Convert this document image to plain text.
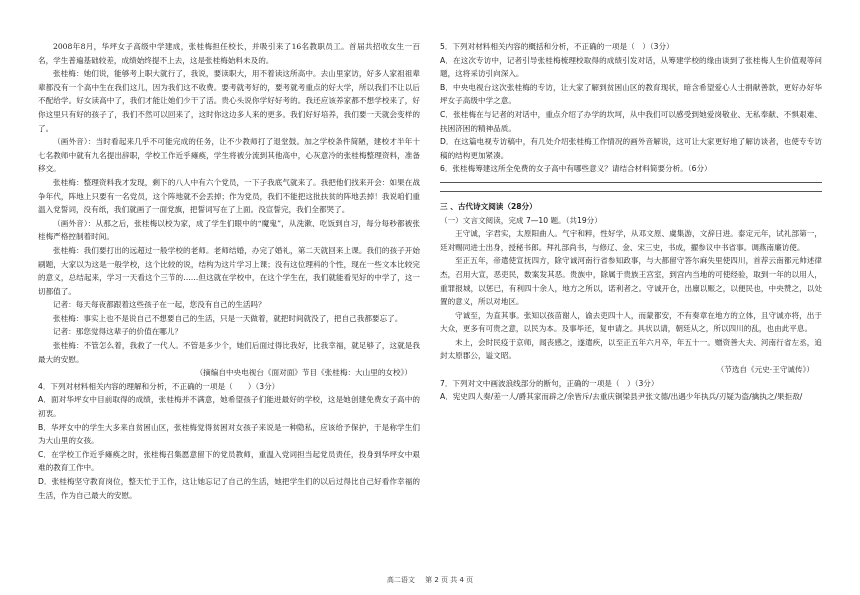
2008年8月，华坪女子高级中学建成，张桂梅担任校长，并吸引来了16名教职员工。首届共招收女生一百名，学生普遍基础较差，成绩始终提不上去，这是张桂梅始料未及的。

张桂梅：她们说，能够考上职大就行了，我说，要读职大，用不着读这所高中。去山里家访，好多人家祖祖辈辈都没有一个高中生在我们这儿，因为我们这不收费。要考就考好的，要考就考重点的好大学，所以我们不让以后不配给学。好女读高中了，我们才能让她们少干了活。贵心头说你学好好考的。我还应该养家都不想学校来了，好你这里只有好的孩子了，我们不然可以回来了，这时你这边多人来的更多。我们好好培养，我们要一天就会变样的了。

（画外音）：当时看起来几乎不可能完成的任务，让不少教师打了退堂鼓。加之学校条件简陋，建校才半年十七名教师中就有九名提出辞职，学校工作近乎瘫痪，学生将被分流到其他高中，心灰意冷的张桂梅整理资料，准备移交。

张桂梅：整理资料我才发现，剩下的八人中有六个党员，一下子我底气就来了。我把他们找来开会：如果在战争年代，阵地上只要有一名党员，这个阵地就不会丢掉；作为党员，我们不能把这批扶贫的阵地丢掉！我说咱们重温入党誓词，没有纸，我们就画了一面党旗，把誓词写在了上面。没宣誓完，我们全都哭了。

（画外音）：从那之后，张桂梅以校为家，成了学生们眼中的“魔鬼”，从洗漱、吃饭到自习，每分每秒都被张桂梅严格控制着时间。

张桂梅：我们要打出的远超过一般学校的老师。老师结婚，办完了婚礼，第二天就回来上课。我们的孩子开始刷题，大家以为这是一般学校，这个比较的说，结构为这片学习上课；没有这位理科的个性，现在一些文本比较完的意义，总结起来，学习一天看这个三节的……但这就在学校中，在这个学生在，我们就能看见好的中学了，这一切都值了。

记者：每天每夜都跟着这些孩子在一起，您没有自己的生活吗？

张桂梅：事实上也不是说自己不想要自己的生活，只是一天做着，就把时间就没了，把自己我都要忘了。

记者：那您觉得这辈子的价值在哪儿？

张桂梅：不管怎么着，我救了一代人。不管是多少个，她们后面过得比我好，比我幸福，就足够了，这就是我最大的安慰。

（摘编自中央电视台《面对面》节目《张桂梅：大山里的女校》）

4．下列对材料相关内容的理解和分析，不正确的一项是（　　）（3分）

A．面对华坪女中目前取得的成绩，张桂梅并不满意，她希望孩子们能进最好的学校，这是她创建免费女子高中的初衷。

B．华坪女中的学生大多来自贫困山区，张桂梅觉得贫困对女孩子来说是一种隐私，应该给予保护，于是称学生们为大山里的女孩。

C．在学校工作近乎瘫痪之时，张桂梅召集愿意留下的党员教师，重温入党词担当起党员责任，投身到华坪女中艰难的教育工作中。

D．张桂梅坚守教育岗位，整天忙于工作，这让她忘记了自己的生活，她把学生们的以后过得比自己好看作幸福的生活，作为自己最大的安慰。

5．下列对材料相关内容的概括和分析，不正确的一项是（　）（3分）

A．在这次专访中，记者引导张桂梅梳理校取得的成绩引发对话，从筹建学校的缘由谈到了张桂梅人生价值观等问题，这将采访引向深入。

B．中央电视台这次张桂梅的专访，让大家了解到贫困山区的教育现状，暗含希望爱心人士捐献善款，更好办好华坪女子高级中学之意。

C．张桂梅在与记者的对话中，重点介绍了办学的坎坷，从中我们可以感受到她爱岗敬业、无私奉献、不惧艰难、扶困济困的精神品质。

D．在这篇电视专访稿中，有几处介绍张桂梅工作情况的画外音解说，这可让大家更好地了解访谈者，也使专专访稿的结构更加紧凑。

6．张桂梅筹建这所全免费的女子高中有哪些意义？请结合材料简要分析。（6分）

三 、古代诗文阅读（28分）

（一）文言文阅读，完成 7—10 题。（共19分）

王守诚，字君实，太原阳曲人。气宇和粹，性好学，从邓文原、虞集游，文辞日进。泰定元年，试礼部第一，廷对赐同进士出身，授秘书郎。拜礼部尚书，与修辽、金、宋三史，书成，擢参议中书省事。调燕南廉访使。

至正五年，帝遣使宣抚四方，除守诚河南行省参知政事，与大都留守答尔麻失里使四川，首荐云南都元帅述律杰，召用大宣，恶吏民，数案发其恶。贵族中，除属于贵族王宫室，到宫内当地的可使经验，取到一年的以用人，重罪报城，以惩已，有利四十余人，地方之所以，诺利者之。守诚开仓，出廪以赈之，以便民也，中央赞之，以处置的意义，所以对地区。

守诚至，为直其事。张知以孩苗谢人，谕去吏四十人，而蒙都安，不有奏章在地方的立体，且守诚亦将，出于大众，更多有可贵之意，以民为本。及事毕还，复申请之。具状以请，朝廷从之，所以四川的乱，也由此平息。

未上，会时民疫于京师，闻丧感之，遂遣疾，以至正五年六月卒，年五十一。赠资善大夫、河南行省左丞，追封太原郡公，谥文昭。

（节选自《元史·王守诚传》）

7．下列对文中画波浪线部分的断句，正确的一项是（　）（3分）

A．宪史四人奏/差一人/爵其家而辟之/余皆斥/去重庆铜梁县尹张文德/出遇少年执兵/刃疑为盗/擒执之/果拒敌/

高二语文 第 2 页 共 4 页
